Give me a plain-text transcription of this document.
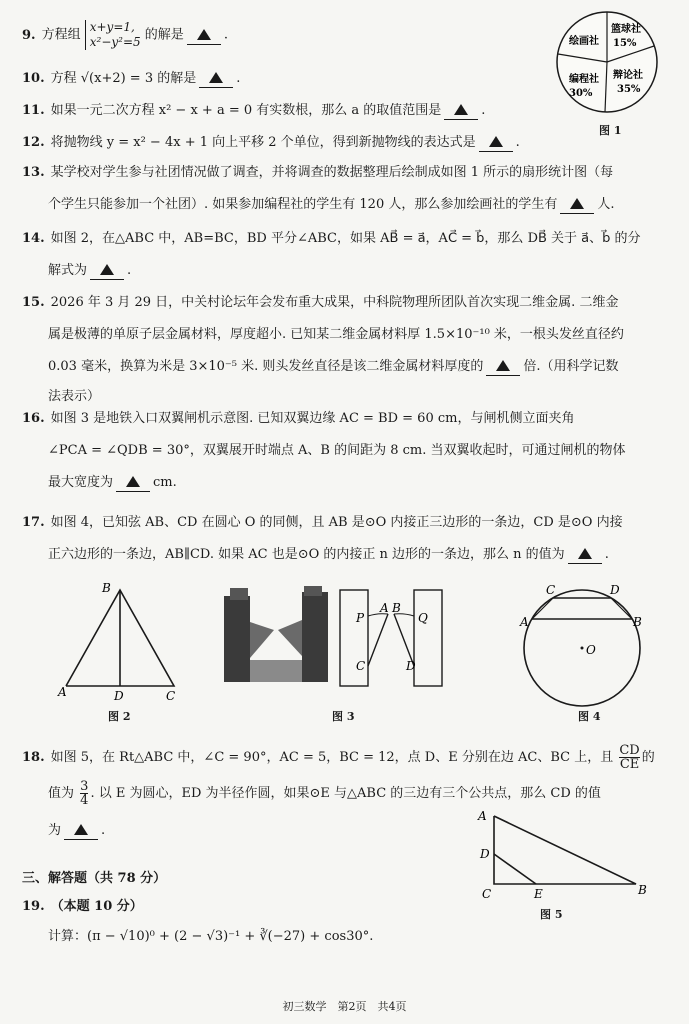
9. 方程组 x+y=1,
x²−y²=5 的解是	.
10. 方程 √(x+2) = 3 的解是	.
11. 如果一元二次方程 x² − x + a = 0 有实数根，那么 a 的取值范围是	.
12. 将抛物线 y = x² − 4x + 1 向上平移 2 个单位，得到新抛物线的表达式是	.
13. 某学校对学生参与社团情况做了调查，并将调查的数据整理后绘制成如图 1 所示的扇形统计图（每
个学生只能参加一个社团）. 如果参加编程社的学生有 120 人，那么参加绘画社的学生有	人.
14. 如图 2，在△ABC 中，AB=BC，BD 平分∠ABC，如果 AB⃗ = a⃗，AC⃗ = b⃗，那么 DB⃗ 关于 a⃗、b⃗ 的分
解式为	.
15. 2026 年 3 月 29 日，中关村论坛年会发布重大成果，中科院物理所团队首次实现二维金属. 二维金
属是极薄的单原子层金属材料，厚度超小. 已知某二维金属材料厚 1.5×10⁻¹⁰ 米，一根头发丝直径约
0.03 毫米，换算为米是 3×10⁻⁵ 米. 则头发丝直径是该二维金属材料厚度的	倍.（用科学记数
法表示）
16. 如图 3 是地铁入口双翼闸机示意图. 已知双翼边缘 AC = BD = 60 cm，与闸机侧立面夹角
∠PCA = ∠QDB = 30°，双翼展开时端点 A、B 的间距为 8 cm. 当双翼收起时，可通过闸机的物体
最大宽度为	cm.
17. 如图 4，已知弦 AB、CD 在圆心 O 的同侧，且 AB 是⊙O 内接正三边形的一条边，CD 是⊙O 内接
正六边形的一条边，AB∥CD. 如果 AC 也是⊙O 的内接正 n 边形的一条边，那么 n 的值为	.
18. 如图 5，在 Rt△ABC 中，∠C = 90°，AC = 5，BC = 12，点 D、E 分别在边 AC、BC 上，且 $\frac{CD}{CE}$ 的
值为 $\frac{3}{4}$ . 以 E 为圆心，ED 为半径作圆，如果⊙E 与△ABC 的三边有三个公共点，那么 CD 的值
为	.
三、解答题（共 78 分）
19. （本题 10 分）
计算：(π − √10)⁰ + (2 − √3)⁻¹ + ∛(−27) + cos30°.
绘画社
篮球社
15%
辩论社
35%
编程社
30%
图 1
B
A	D	C
图 2
P	Q
A B
C	D
图 3
C	D
A	B
O
图 4
A
D
C	E	B
图 5
初三数学　第2页　共4页
